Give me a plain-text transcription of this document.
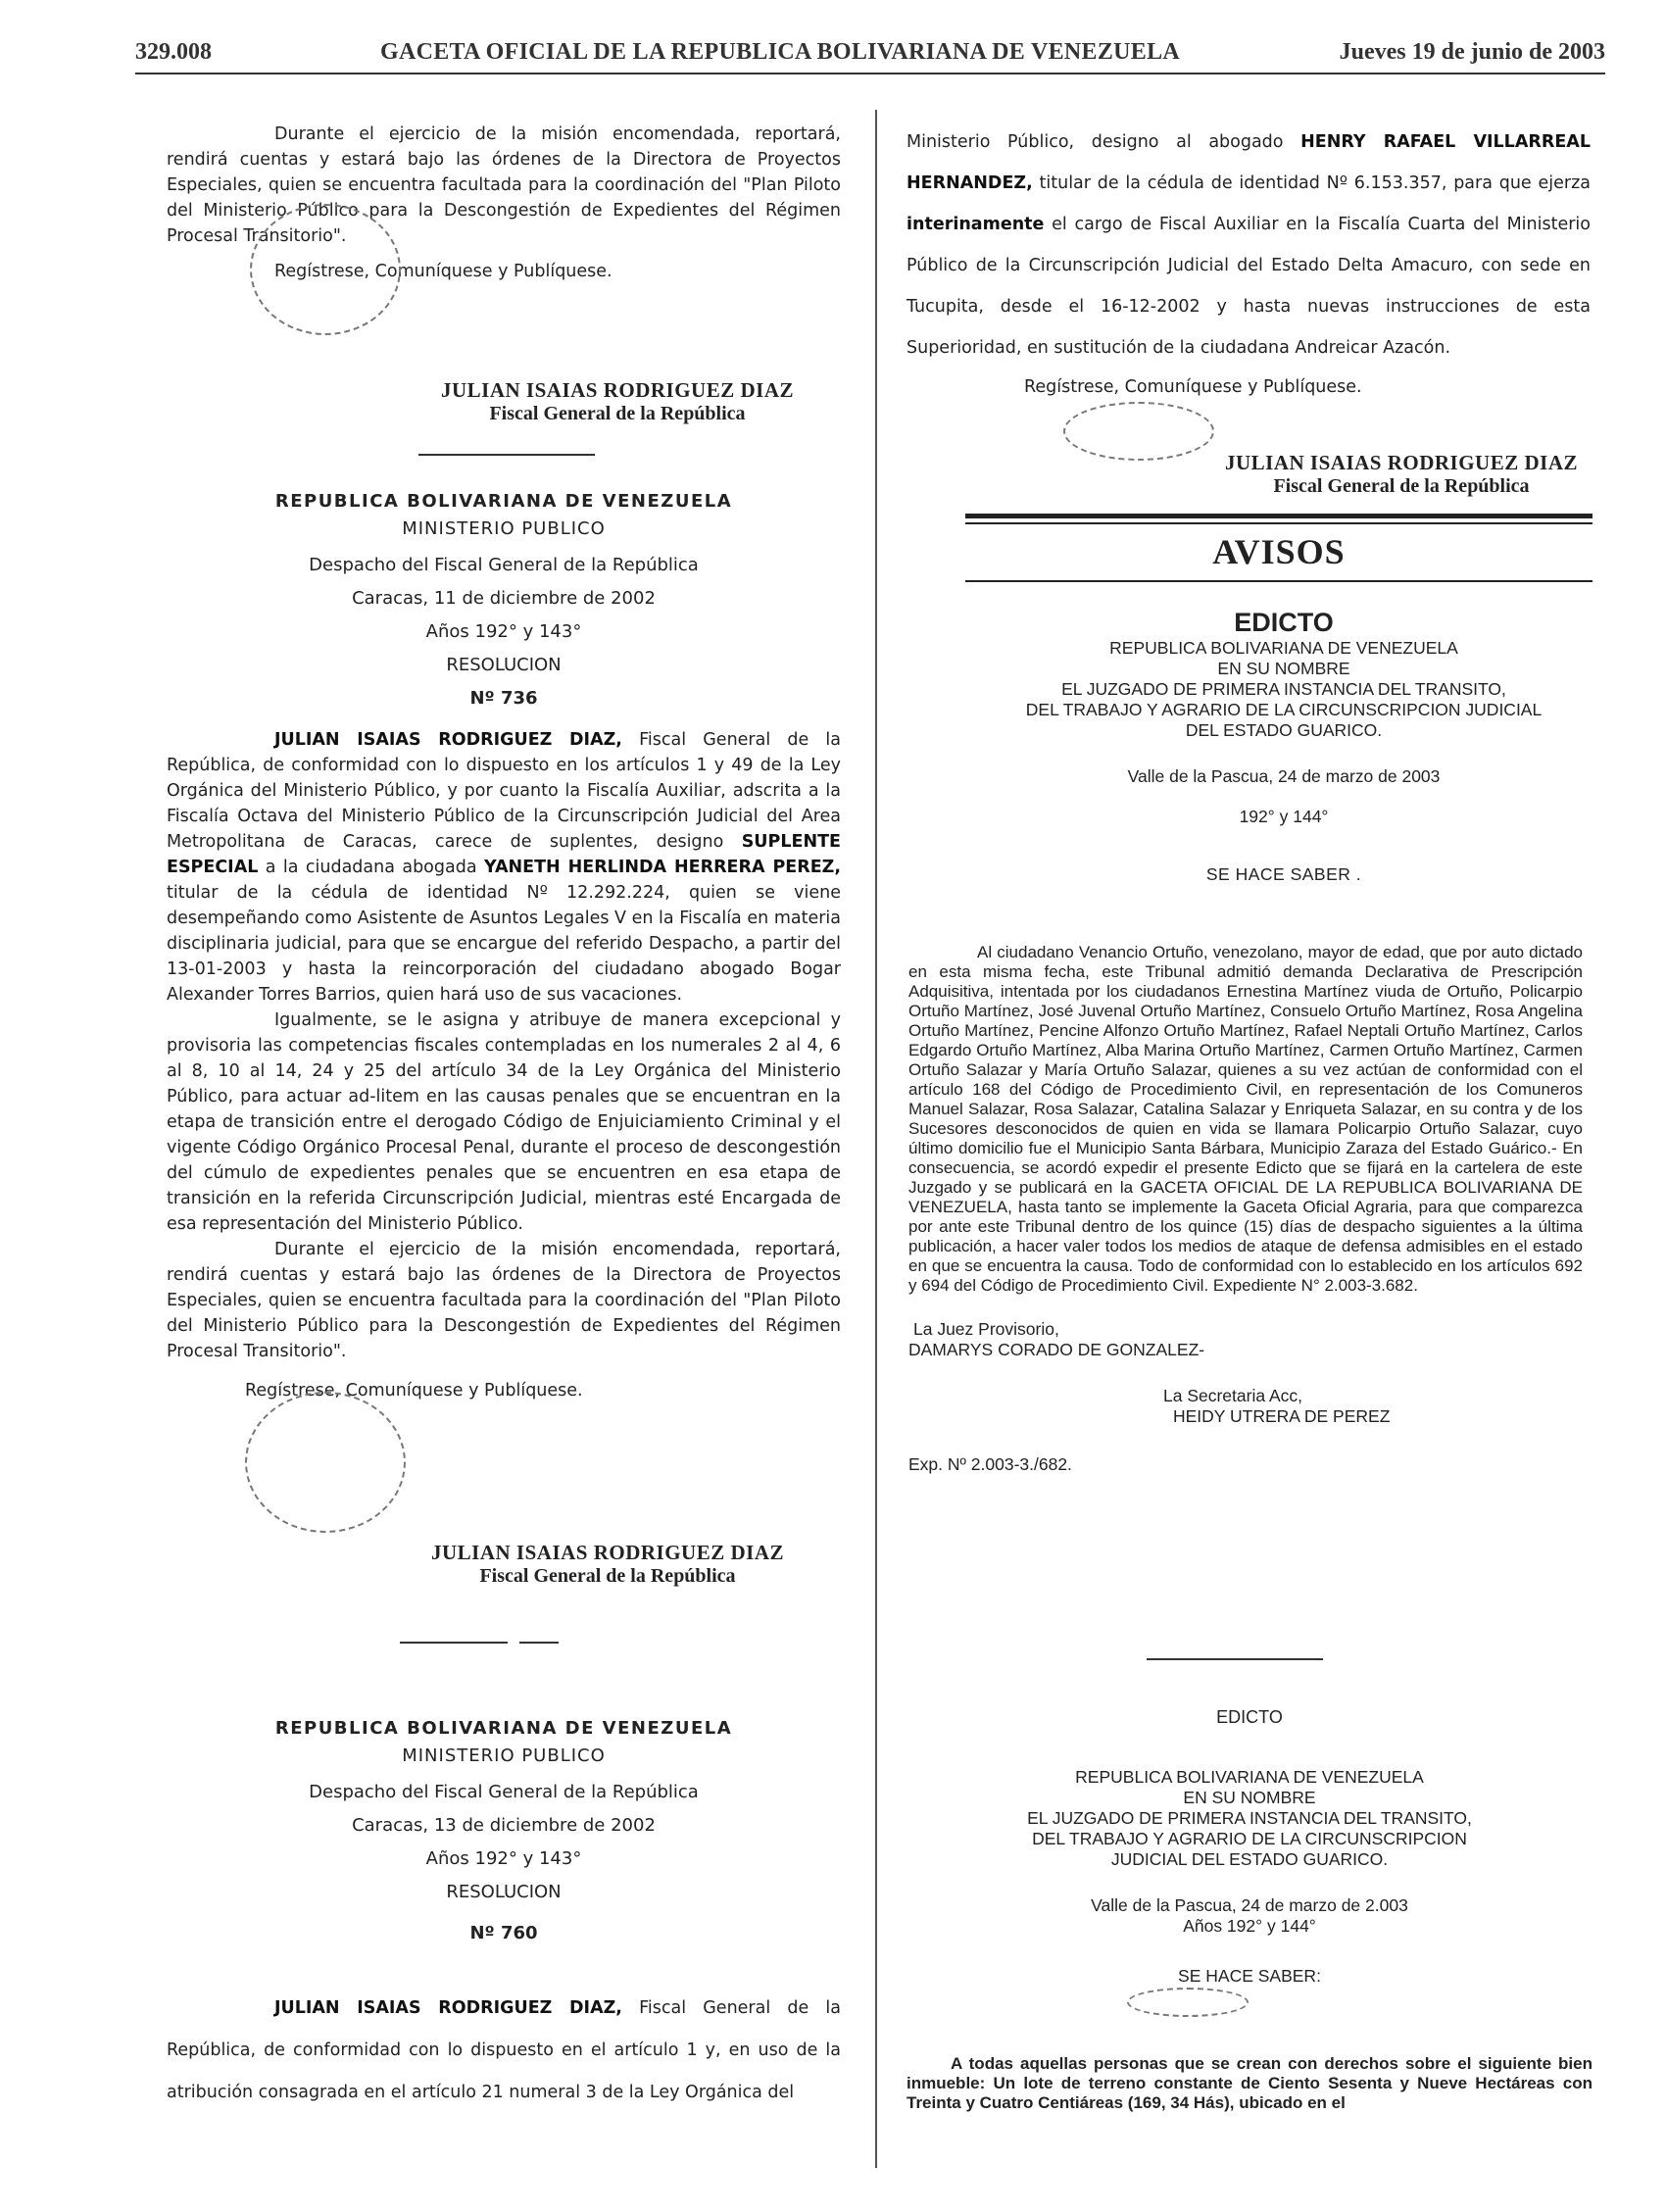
329.008	GACETA OFICIAL DE LA REPUBLICA BOLIVARIANA DE VENEZUELA	Jueves 19 de junio de 2003

Durante el ejercicio de la misión encomendada, reportará, rendirá cuentas y estará bajo las órdenes de la Directora de Proyectos Especiales, quien se encuentra facultada para la coordinación del "Plan Piloto del Ministerio Público para la Descongestión de Expedientes del Régimen Procesal Transitorio".

Regístrese, Comuníquese y Publíquese.

JULIAN ISAIAS RODRIGUEZ DIAZ
Fiscal General de la República
REPUBLICA BOLIVARIANA DE VENEZUELA
MINISTERIO PUBLICO
Despacho del Fiscal General de la República
Caracas, 11 de diciembre de 2002
Años 192° y 143°
RESOLUCION
Nº 736

JULIAN ISAIAS RODRIGUEZ DIAZ, Fiscal General de la República, de conformidad con lo dispuesto en los artículos 1 y 49 de la Ley Orgánica del Ministerio Público, y por cuanto la Fiscalía Auxiliar, adscrita a la Fiscalía Octava del Ministerio Público de la Circunscripción Judicial del Area Metropolitana de Caracas, carece de suplentes, designo SUPLENTE ESPECIAL a la ciudadana abogada YANETH HERLINDA HERRERA PEREZ, titular de la cédula de identidad Nº 12.292.224, quien se viene desempeñando como Asistente de Asuntos Legales V en la Fiscalía en materia disciplinaria judicial, para que se encargue del referido Despacho, a partir del 13-01-2003 y hasta la reincorporación del ciudadano abogado Bogar Alexander Torres Barrios, quien hará uso de sus vacaciones.

Igualmente, se le asigna y atribuye de manera excepcional y provisoria las competencias fiscales contempladas en los numerales 2 al 4, 6 al 8, 10 al 14, 24 y 25 del artículo 34 de la Ley Orgánica del Ministerio Público, para actuar ad-litem en las causas penales que se encuentran en la etapa de transición entre el derogado Código de Enjuiciamiento Criminal y el vigente Código Orgánico Procesal Penal, durante el proceso de descongestión del cúmulo de expedientes penales que se encuentren en esa etapa de transición en la referida Circunscripción Judicial, mientras esté Encargada de esa representación del Ministerio Público.

Durante el ejercicio de la misión encomendada, reportará, rendirá cuentas y estará bajo las órdenes de la Directora de Proyectos Especiales, quien se encuentra facultada para la coordinación del "Plan Piloto del Ministerio Público para la Descongestión de Expedientes del Régimen Procesal Transitorio".

Regístrese, Comuníquese y Publíquese.

JULIAN ISAIAS RODRIGUEZ DIAZ
Fiscal General de la República
REPUBLICA BOLIVARIANA DE VENEZUELA
MINISTERIO PUBLICO
Despacho del Fiscal General de la República
Caracas, 13 de diciembre de 2002
Años 192° y 143°
RESOLUCION
Nº 760

JULIAN ISAIAS RODRIGUEZ DIAZ, Fiscal General de la República, de conformidad con lo dispuesto en el artículo 1 y, en uso de la atribución consagrada en el artículo 21 numeral 3 de la Ley Orgánica del

Ministerio Público, designo al abogado HENRY RAFAEL VILLARREAL HERNANDEZ, titular de la cédula de identidad Nº 6.153.357, para que ejerza interinamente el cargo de Fiscal Auxiliar en la Fiscalía Cuarta del Ministerio Público de la Circunscripción Judicial del Estado Delta Amacuro, con sede en Tucupita, desde el 16-12-2002 y hasta nuevas instrucciones de esta Superioridad, en sustitución de la ciudadana Andreicar Azacón.

Regístrese, Comuníquese y Publíquese.

JULIAN ISAIAS RODRIGUEZ DIAZ
Fiscal General de la República
AVISOS
EDICTO
REPUBLICA BOLIVARIANA DE VENEZUELA
EN SU NOMBRE
EL JUZGADO DE PRIMERA INSTANCIA DEL TRANSITO,
DEL TRABAJO Y AGRARIO DE LA CIRCUNSCRIPCION JUDICIAL
DEL ESTADO GUARICO.
Valle de la Pascua, 24 de marzo de 2003
192° y 144°
SE HACE SABER .

Al ciudadano Venancio Ortuño, venezolano, mayor de edad, que por auto dictado en esta misma fecha, este Tribunal admitió demanda Declarativa de Prescripción Adquisitiva, intentada por los ciudadanos Ernestina Martínez viuda de Ortuño, Policarpio Ortuño Martínez, José Juvenal Ortuño Martínez, Consuelo Ortuño Martínez, Rosa Angelina Ortuño Martínez, Pencine Alfonzo Ortuño Martínez, Rafael Neptali Ortuño Martínez, Carlos Edgardo Ortuño Martínez, Alba Marina Ortuño Martínez, Carmen Ortuño Martínez, Carmen Ortuño Salazar y María Ortuño Salazar, quienes a su vez actúan de conformidad con el artículo 168 del Código de Procedimiento Civil, en representación de los Comuneros Manuel Salazar, Rosa Salazar, Catalina Salazar y Enriqueta Salazar, en su contra y de los Sucesores desconocidos de quien en vida se llamara Policarpio Ortuño Salazar, cuyo último domicilio fue el Municipio Santa Bárbara, Municipio Zaraza del Estado Guárico.- En consecuencia, se acordó expedir el presente Edicto que se fijará en la cartelera de este Juzgado y se publicará en la GACETA OFICIAL DE LA REPUBLICA BOLIVARIANA DE VENEZUELA, hasta tanto se implemente la Gaceta Oficial Agraria, para que comparezca por ante este Tribunal dentro de los quince (15) días de despacho siguientes a la última publicación, a hacer valer todos los medios de ataque de defensa admisibles en el estado en que se encuentra la causa. Todo de conformidad con lo establecido en los artículos 692 y 694 del Código de Procedimiento Civil. Expediente N° 2.003-3.682.

La Juez Provisorio,
DAMARYS CORADO DE GONZALEZ-
La Secretaria Acc,
HEIDY UTRERA DE PEREZ
Exp. Nº 2.003-3./682.
EDICTO
REPUBLICA BOLIVARIANA DE VENEZUELA
EN SU NOMBRE
EL JUZGADO DE PRIMERA INSTANCIA DEL TRANSITO,
DEL TRABAJO Y AGRARIO DE LA CIRCUNSCRIPCION
JUDICIAL DEL ESTADO GUARICO.
Valle de la Pascua, 24 de marzo de 2.003
Años 192° y 144°
SE HACE SABER:

A todas aquellas personas que se crean con derechos sobre el siguiente bien inmueble: Un lote de terreno constante de Ciento Sesenta y Nueve Hectáreas con Treinta y Cuatro Centiáreas (169, 34 Hás), ubicado en el
